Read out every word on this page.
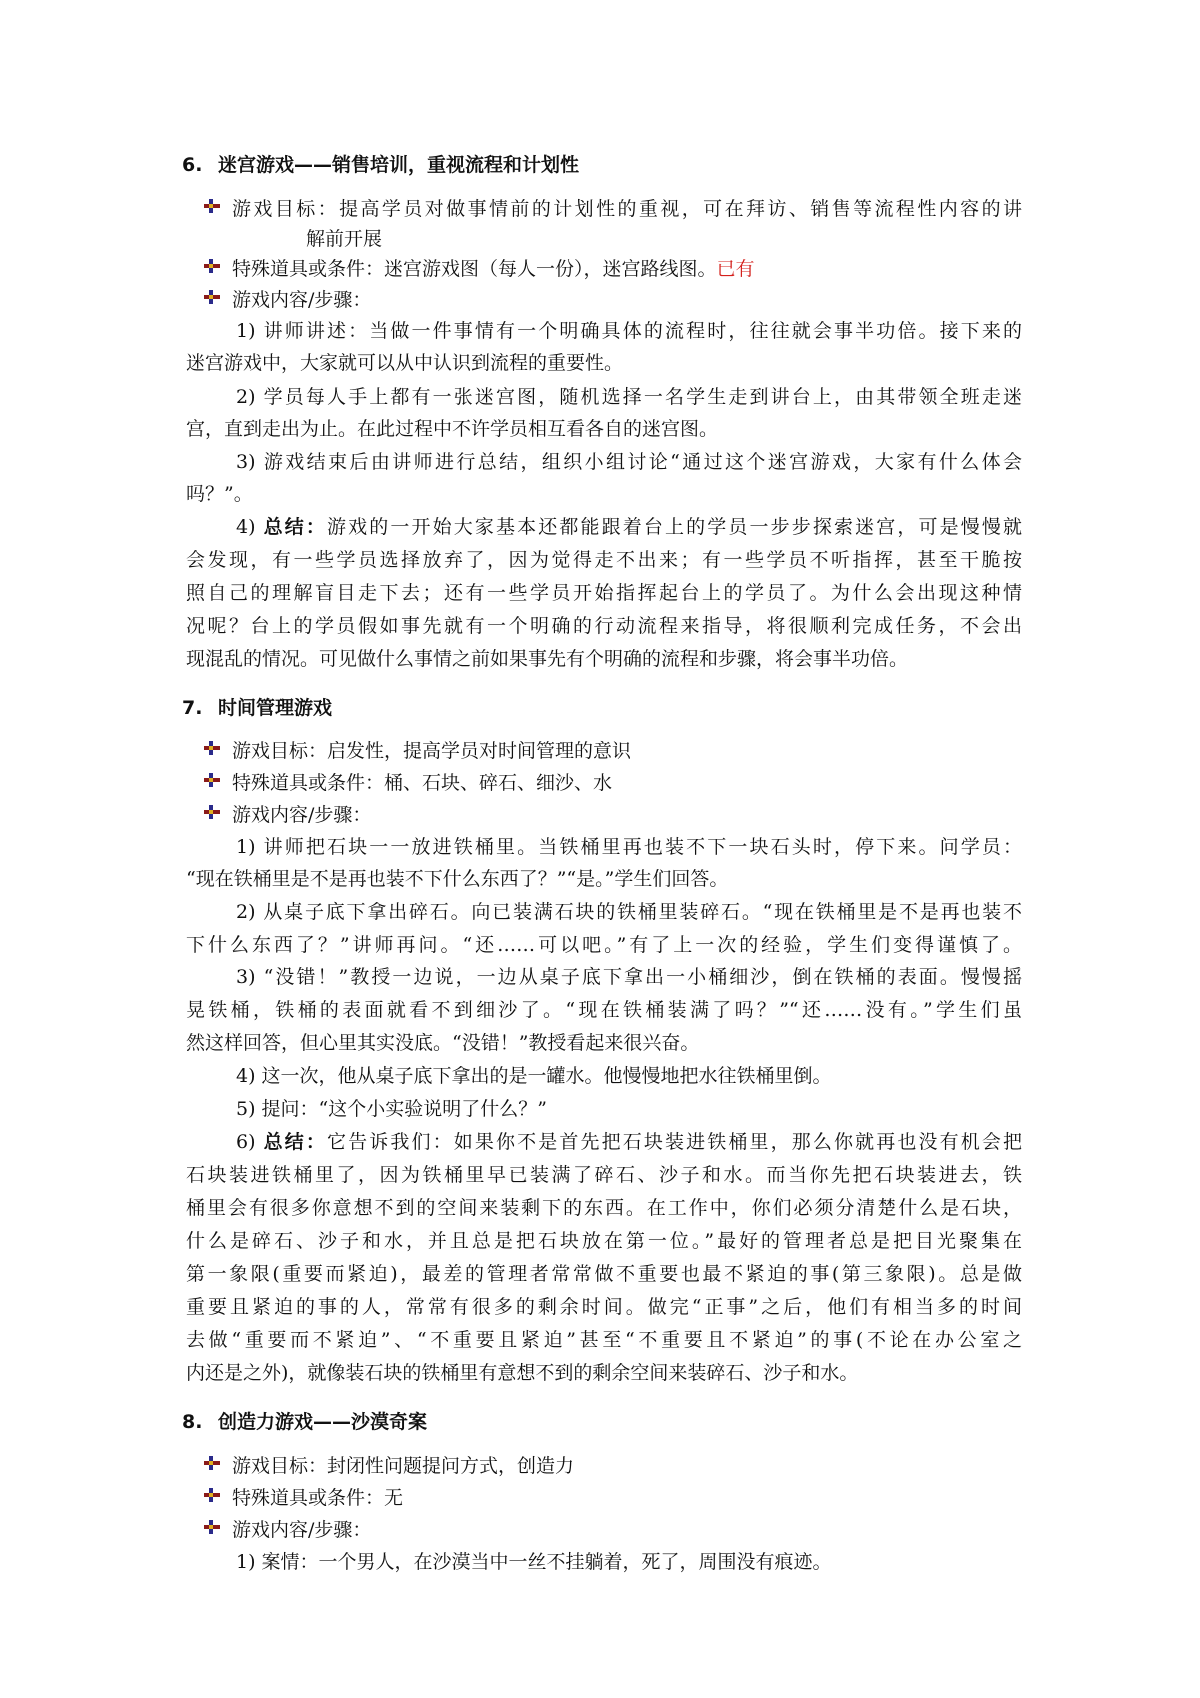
6. 迷宫游戏——销售培训，重视流程和计划性
游戏目标：提高学员对做事情前的计划性的重视，可在拜访、销售等流程性内容的讲
解前开展
特殊道具或条件：迷宫游戏图（每人一份），迷宫路线图。已有
游戏内容/步骤：
1) 讲师讲述：当做一件事情有一个明确具体的流程时，往往就会事半功倍。接下来的
迷宫游戏中，大家就可以从中认识到流程的重要性。
2) 学员每人手上都有一张迷宫图，随机选择一名学生走到讲台上，由其带领全班走迷
宫，直到走出为止。在此过程中不许学员相互看各自的迷宫图。
3) 游戏结束后由讲师进行总结，组织小组讨论“通过这个迷宫游戏，大家有什么体会
吗？”。
4) 总结：游戏的一开始大家基本还都能跟着台上的学员一步步探索迷宫，可是慢慢就
会发现，有一些学员选择放弃了，因为觉得走不出来；有一些学员不听指挥，甚至干脆按
照自己的理解盲目走下去；还有一些学员开始指挥起台上的学员了。为什么会出现这种情
况呢？台上的学员假如事先就有一个明确的行动流程来指导，将很顺利完成任务，不会出
现混乱的情况。可见做什么事情之前如果事先有个明确的流程和步骤，将会事半功倍。
7. 时间管理游戏
游戏目标：启发性，提高学员对时间管理的意识
特殊道具或条件：桶、石块、碎石、细沙、水
游戏内容/步骤：
1) 讲师把石块一一放进铁桶里。当铁桶里再也装不下一块石头时，停下来。问学员：
“现在铁桶里是不是再也装不下什么东西了？”“是。”学生们回答。
2) 从桌子底下拿出碎石。向已装满石块的铁桶里装碎石。“现在铁桶里是不是再也装不
下什么东西了？”讲师再问。“还……可以吧。”有了上一次的经验，学生们变得谨慎了。
3) “没错！”教授一边说，一边从桌子底下拿出一小桶细沙，倒在铁桶的表面。慢慢摇
晃铁桶，铁桶的表面就看不到细沙了。“现在铁桶装满了吗？”“还……没有。”学生们虽
然这样回答，但心里其实没底。“没错！”教授看起来很兴奋。
4) 这一次，他从桌子底下拿出的是一罐水。他慢慢地把水往铁桶里倒。
5) 提问：“这个小实验说明了什么？”
6) 总结：它告诉我们：如果你不是首先把石块装进铁桶里，那么你就再也没有机会把
石块装进铁桶里了，因为铁桶里早已装满了碎石、沙子和水。而当你先把石块装进去，铁
桶里会有很多你意想不到的空间来装剩下的东西。在工作中，你们必须分清楚什么是石块，
什么是碎石、沙子和水，并且总是把石块放在第一位。”最好的管理者总是把目光聚集在
第一象限(重要而紧迫)，最差的管理者常常做不重要也最不紧迫的事(第三象限)。总是做
重要且紧迫的事的人，常常有很多的剩余时间。做完“正事”之后，他们有相当多的时间
去做“重要而不紧迫”、“不重要且紧迫”甚至“不重要且不紧迫”的事(不论在办公室之
内还是之外)，就像装石块的铁桶里有意想不到的剩余空间来装碎石、沙子和水。
8. 创造力游戏——沙漠奇案
游戏目标：封闭性问题提问方式，创造力
特殊道具或条件：无
游戏内容/步骤：
1) 案情：一个男人，在沙漠当中一丝不挂躺着，死了，周围没有痕迹。
